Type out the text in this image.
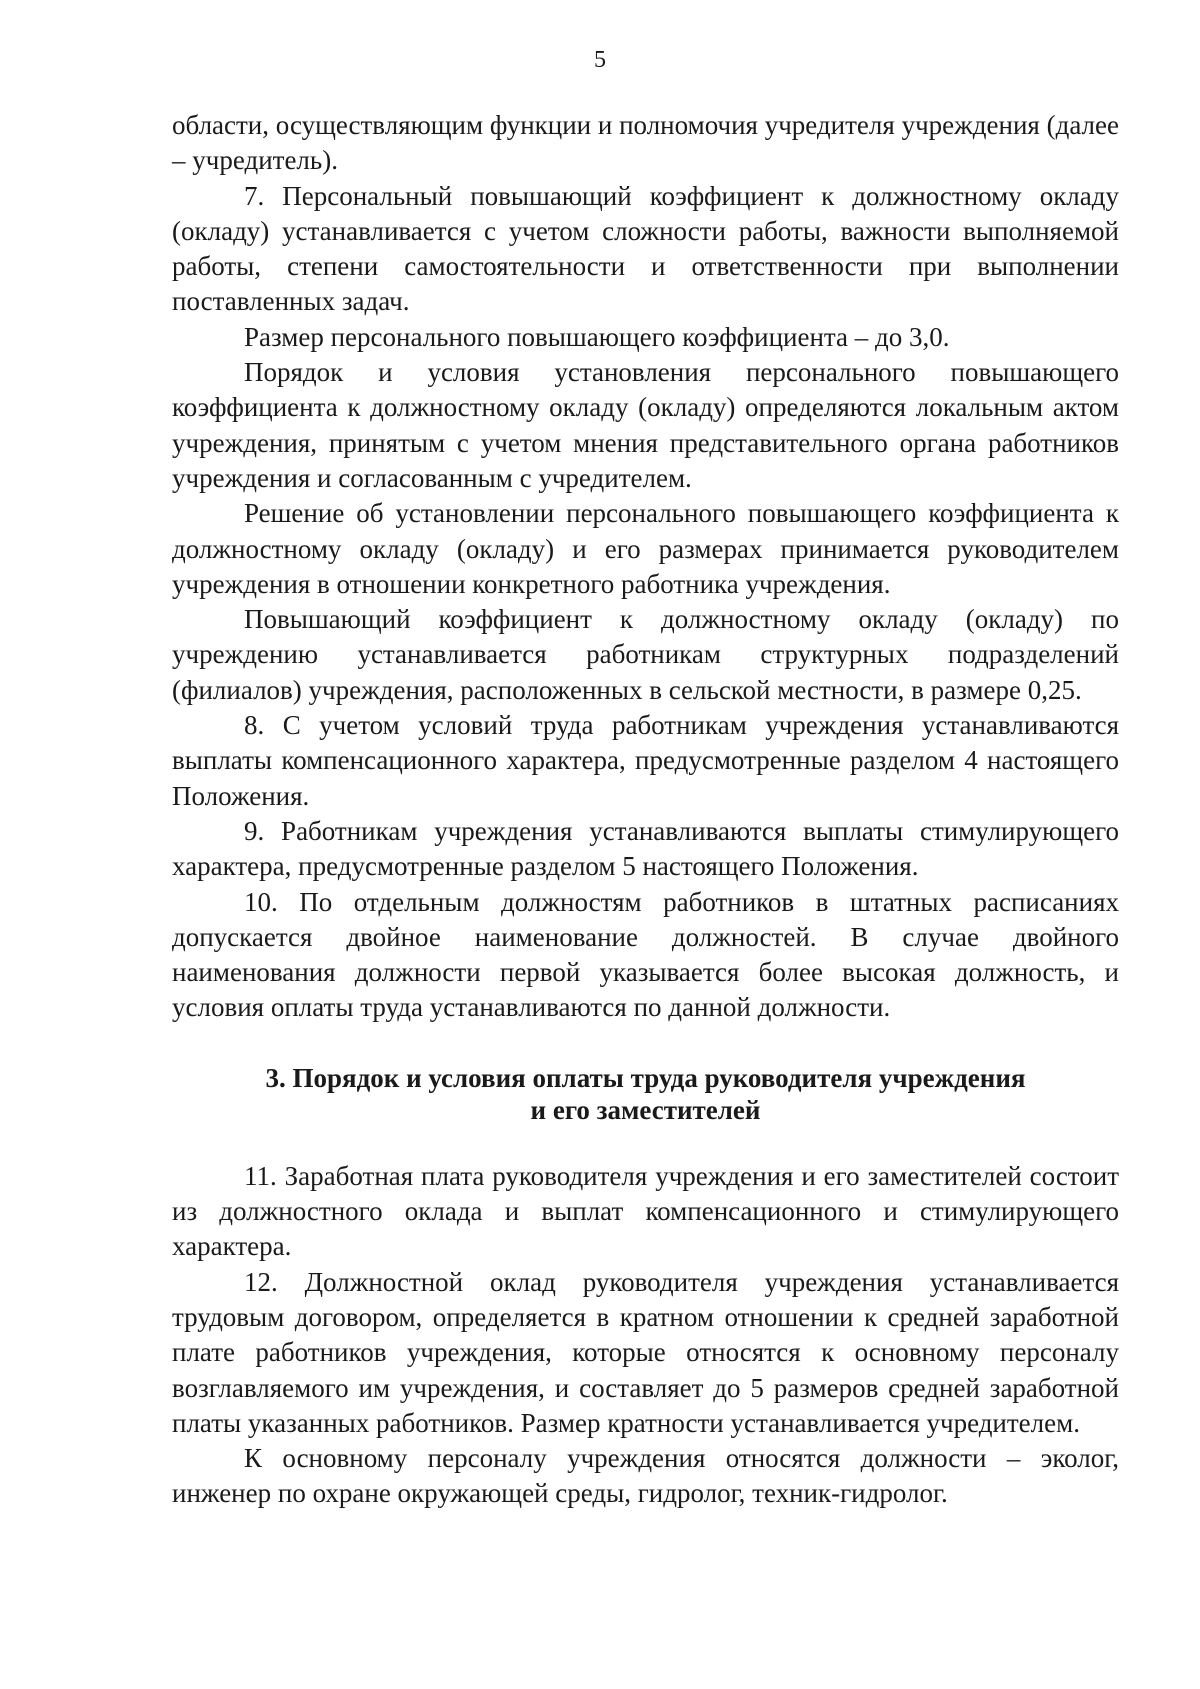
5

области, осуществляющим функции и полномочия учредителя учреждения (далее – учредитель).

7. Персональный повышающий коэффициент к должностному окладу (окладу) устанавливается с учетом сложности работы, важности выполняемой работы, степени самостоятельности и ответственности при выполнении поставленных задач.

Размер персонального повышающего коэффициента – до 3,0.

Порядок и условия установления персонального повышающего коэффициента к должностному окладу (окладу) определяются локальным актом учреждения, принятым с учетом мнения представительного органа работников учреждения и согласованным с учредителем.

Решение об установлении персонального повышающего коэффициента к должностному окладу (окладу) и его размерах принимается руководителем учреждения в отношении конкретного работника учреждения.

Повышающий коэффициент к должностному окладу (окладу) по учреждению устанавливается работникам структурных подразделений (филиалов) учреждения, расположенных в сельской местности, в размере 0,25.

8. С учетом условий труда работникам учреждения устанавливаются выплаты компенсационного характера, предусмотренные разделом 4 настоящего Положения.

9. Работникам учреждения устанавливаются выплаты стимулирующего характера, предусмотренные разделом 5 настоящего Положения.

10. По отдельным должностям работников в штатных расписаниях допускается двойное наименование должностей. В случае двойного наименования должности первой указывается более высокая должность, и условия оплаты труда устанавливаются по данной должности.

3. Порядок и условия оплаты труда руководителя учреждения
и его заместителей

11. Заработная плата руководителя учреждения и его заместителей состоит из должностного оклада и выплат компенсационного и стимулирующего характера.

12. Должностной оклад руководителя учреждения устанавливается трудовым договором, определяется в кратном отношении к средней заработной плате работников учреждения, которые относятся к основному персоналу возглавляемого им учреждения, и составляет до 5 размеров средней заработной платы указанных работников. Размер кратности устанавливается учредителем.

К основному персоналу учреждения относятся должности – эколог, инженер по охране окружающей среды, гидролог, техник-гидролог.
